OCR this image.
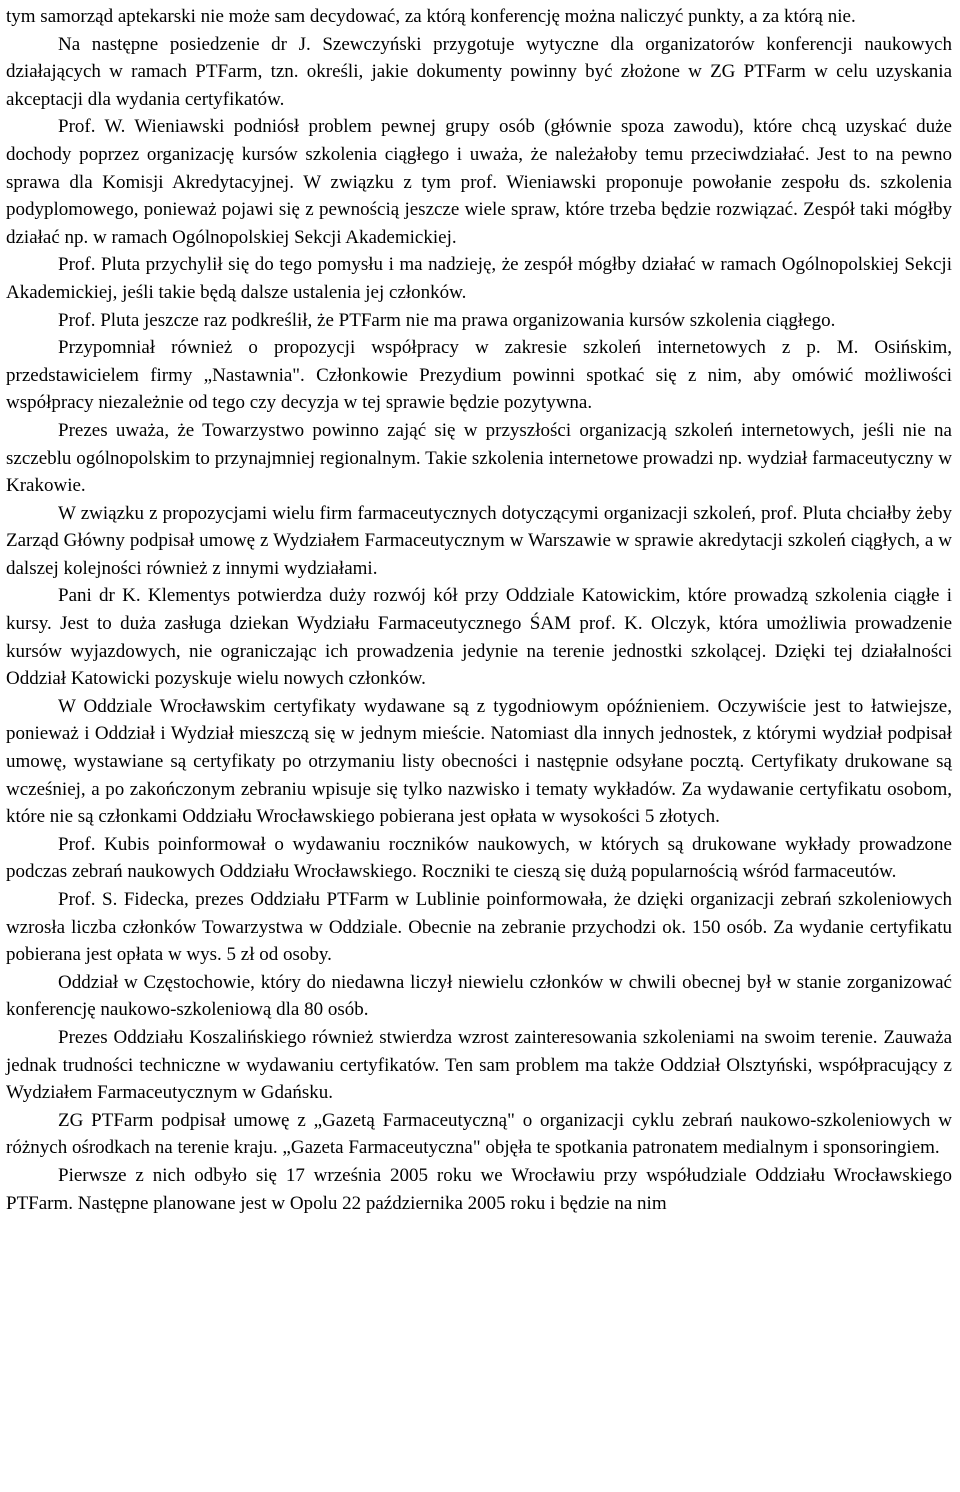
tym samorząd aptekarski nie może sam decydować, za którą konferencję można naliczyć punkty, a za którą nie.

Na następne posiedzenie dr J. Szewczyński przygotuje wytyczne dla organizatorów konferencji naukowych działających w ramach PTFarm, tzn. określi, jakie dokumenty powinny być złożone w ZG PTFarm w celu uzyskania akceptacji dla wydania certyfikatów.

Prof. W. Wieniawski podniósł problem pewnej grupy osób (głównie spoza zawodu), które chcą uzyskać duże dochody poprzez organizację kursów szkolenia ciągłego i uważa, że należałoby temu przeciwdziałać. Jest to na pewno sprawa dla Komisji Akredytacyjnej. W związku z tym prof. Wieniawski proponuje powołanie zespołu ds. szkolenia podyplomowego, ponieważ pojawi się z pewnością jeszcze wiele spraw, które trzeba będzie rozwiązać. Zespół taki mógłby działać np. w ramach Ogólnopolskiej Sekcji Akademickiej.

Prof. Pluta przychylił się do tego pomysłu i ma nadzieję, że zespół mógłby działać w ramach Ogólnopolskiej Sekcji Akademickiej, jeśli takie będą dalsze ustalenia jej członków.

Prof. Pluta jeszcze raz podkreślił, że PTFarm nie ma prawa organizowania kursów szkolenia ciągłego.

Przypomniał również o propozycji współpracy w zakresie szkoleń internetowych z p. M. Osińskim, przedstawicielem firmy „Nastawnia". Członkowie Prezydium powinni spotkać się z nim, aby omówić możliwości współpracy niezależnie od tego czy decyzja w tej sprawie będzie pozytywna.

Prezes uważa, że Towarzystwo powinno zająć się w przyszłości organizacją szkoleń internetowych, jeśli nie na szczeblu ogólnopolskim to przynajmniej regionalnym. Takie szkolenia internetowe prowadzi np. wydział farmaceutyczny w Krakowie.

W związku z propozycjami wielu firm farmaceutycznych dotyczącymi organizacji szkoleń, prof. Pluta chciałby żeby Zarząd Główny podpisał umowę z Wydziałem Farmaceutycznym w Warszawie w sprawie akredytacji szkoleń ciągłych, a w dalszej kolejności również z innymi wydziałami.

Pani dr K. Klementys potwierdza duży rozwój kół przy Oddziale Katowickim, które prowadzą szkolenia ciągłe i kursy. Jest to duża zasługa dziekan Wydziału Farmaceutycznego ŚAM prof. K. Olczyk, która umożliwia prowadzenie kursów wyjazdowych, nie ograniczając ich prowadzenia jedynie na terenie jednostki szkolącej. Dzięki tej działalności Oddział Katowicki pozyskuje wielu nowych członków.

W Oddziale Wrocławskim certyfikaty wydawane są z tygodniowym opóźnieniem. Oczywiście jest to łatwiejsze, ponieważ i Oddział i Wydział mieszczą się w jednym mieście. Natomiast dla innych jednostek, z którymi wydział podpisał umowę, wystawiane są certyfikaty po otrzymaniu listy obecności i następnie odsyłane pocztą. Certyfikaty drukowane są wcześniej, a po zakończonym zebraniu wpisuje się tylko nazwisko i tematy wykładów. Za wydawanie certyfikatu osobom, które nie są członkami Oddziału Wrocławskiego pobierana jest opłata w wysokości 5 złotych.

Prof. Kubis poinformował o wydawaniu roczników naukowych, w których są drukowane wykłady prowadzone podczas zebrań naukowych Oddziału Wrocławskiego. Roczniki te cieszą się dużą popularnością wśród farmaceutów.

Prof. S. Fidecka, prezes Oddziału PTFarm w Lublinie poinformowała, że dzięki organizacji zebrań szkoleniowych wzrosła liczba członków Towarzystwa w Oddziale. Obecnie na zebranie przychodzi ok. 150 osób. Za wydanie certyfikatu pobierana jest opłata w wys. 5 zł od osoby.

Oddział w Częstochowie, który do niedawna liczył niewielu członków w chwili obecnej był w stanie zorganizować konferencję naukowo-szkoleniową dla 80 osób.

Prezes Oddziału Koszalińskiego również stwierdza wzrost zainteresowania szkoleniami na swoim terenie. Zauważa jednak trudności techniczne w wydawaniu certyfikatów. Ten sam problem ma także Oddział Olsztyński, współpracujący z Wydziałem Farmaceutycznym w Gdańsku.

ZG PTFarm podpisał umowę z „Gazetą Farmaceutyczną" o organizacji cyklu zebrań naukowo-szkoleniowych w różnych ośrodkach na terenie kraju. „Gazeta Farmaceutyczna" objęła te spotkania patronatem medialnym i sponsoringiem.

Pierwsze z nich odbyło się 17 września 2005 roku we Wrocławiu przy współudziale Oddziału Wrocławskiego PTFarm. Następne planowane jest w Opolu 22 października 2005 roku i będzie na nim
